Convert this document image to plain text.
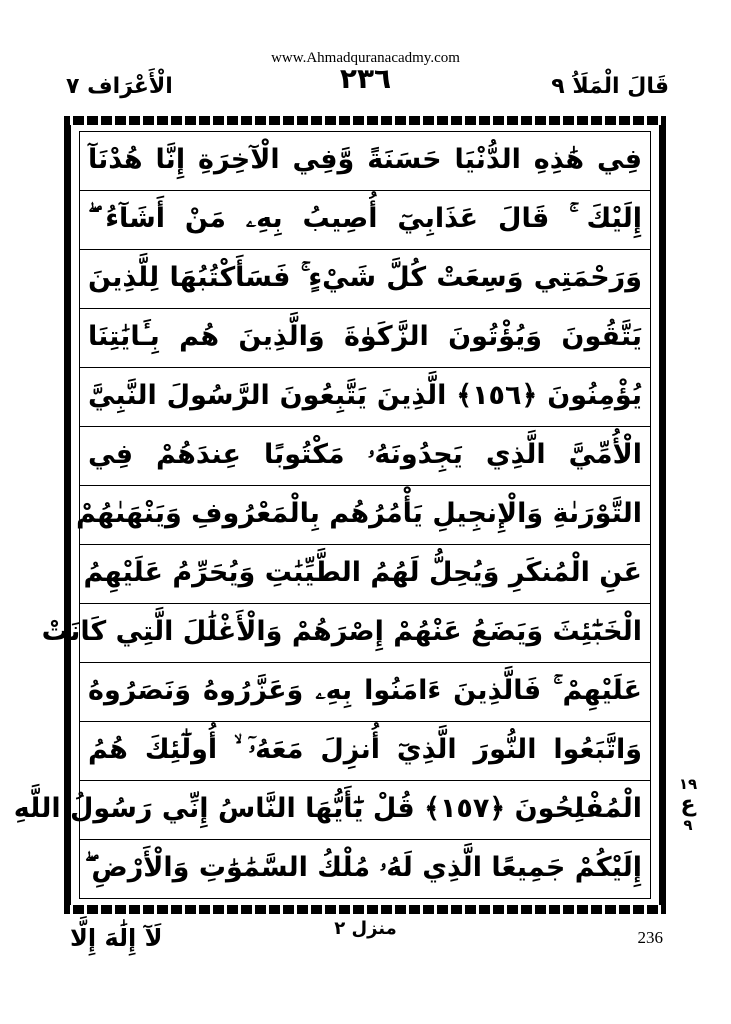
www.Ahmadquranacadmy.com
٢٣٦	قَالَ الْمَلَاُ ٩
الْأَعْرَاف ٧
فِي هَٰذِهِ الدُّنْيَا حَسَنَةً وَّفِي الْآخِرَةِ إِنَّا هُدْنَآ
إِلَيْكَ ۚ قَالَ عَذَابِيٓ أُصِيبُ بِهِۦ مَنْ أَشَآءُ ۖ
وَرَحْمَتِي وَسِعَتْ كُلَّ شَيْءٍ ۚ فَسَأَكْتُبُهَا لِلَّذِينَ
يَتَّقُونَ وَيُؤْتُونَ الزَّكَوٰةَ وَالَّذِينَ هُم بِـَٔايَٰتِنَا
يُؤْمِنُونَ ﴿١٥٦﴾ الَّذِينَ يَتَّبِعُونَ الرَّسُولَ النَّبِيَّ
الْأُمِّيَّ الَّذِي يَجِدُونَهُۥ مَكْتُوبًا عِندَهُمْ فِي
التَّوْرَىٰةِ وَالْإِنجِيلِ يَأْمُرُهُم بِالْمَعْرُوفِ وَيَنْهَىٰهُمْ
عَنِ الْمُنكَرِ وَيُحِلُّ لَهُمُ الطَّيِّبَٰتِ وَيُحَرِّمُ عَلَيْهِمُ
الْخَبَٰٓئِثَ وَيَضَعُ عَنْهُمْ إِصْرَهُمْ وَالْأَغْلَٰلَ الَّتِي كَانَتْ
عَلَيْهِمْ ۚ فَالَّذِينَ ءَامَنُوا بِهِۦ وَعَزَّرُوهُ وَنَصَرُوهُ
وَاتَّبَعُوا النُّورَ الَّذِيٓ أُنزِلَ مَعَهُۥٓ ۙ أُولَٰٓئِكَ هُمُ
الْمُفْلِحُونَ ﴿١٥٧﴾ قُلْ يَٰٓأَيُّهَا النَّاسُ إِنِّي رَسُولُ اللَّهِ
إِلَيْكُمْ جَمِيعًا الَّذِي لَهُۥ مُلْكُ السَّمَٰوَٰتِ وَالْأَرْضِ ۖ
١٩
ع
٩
لَآ إِلَٰهَ إِلَّا	منزل ٢	236
